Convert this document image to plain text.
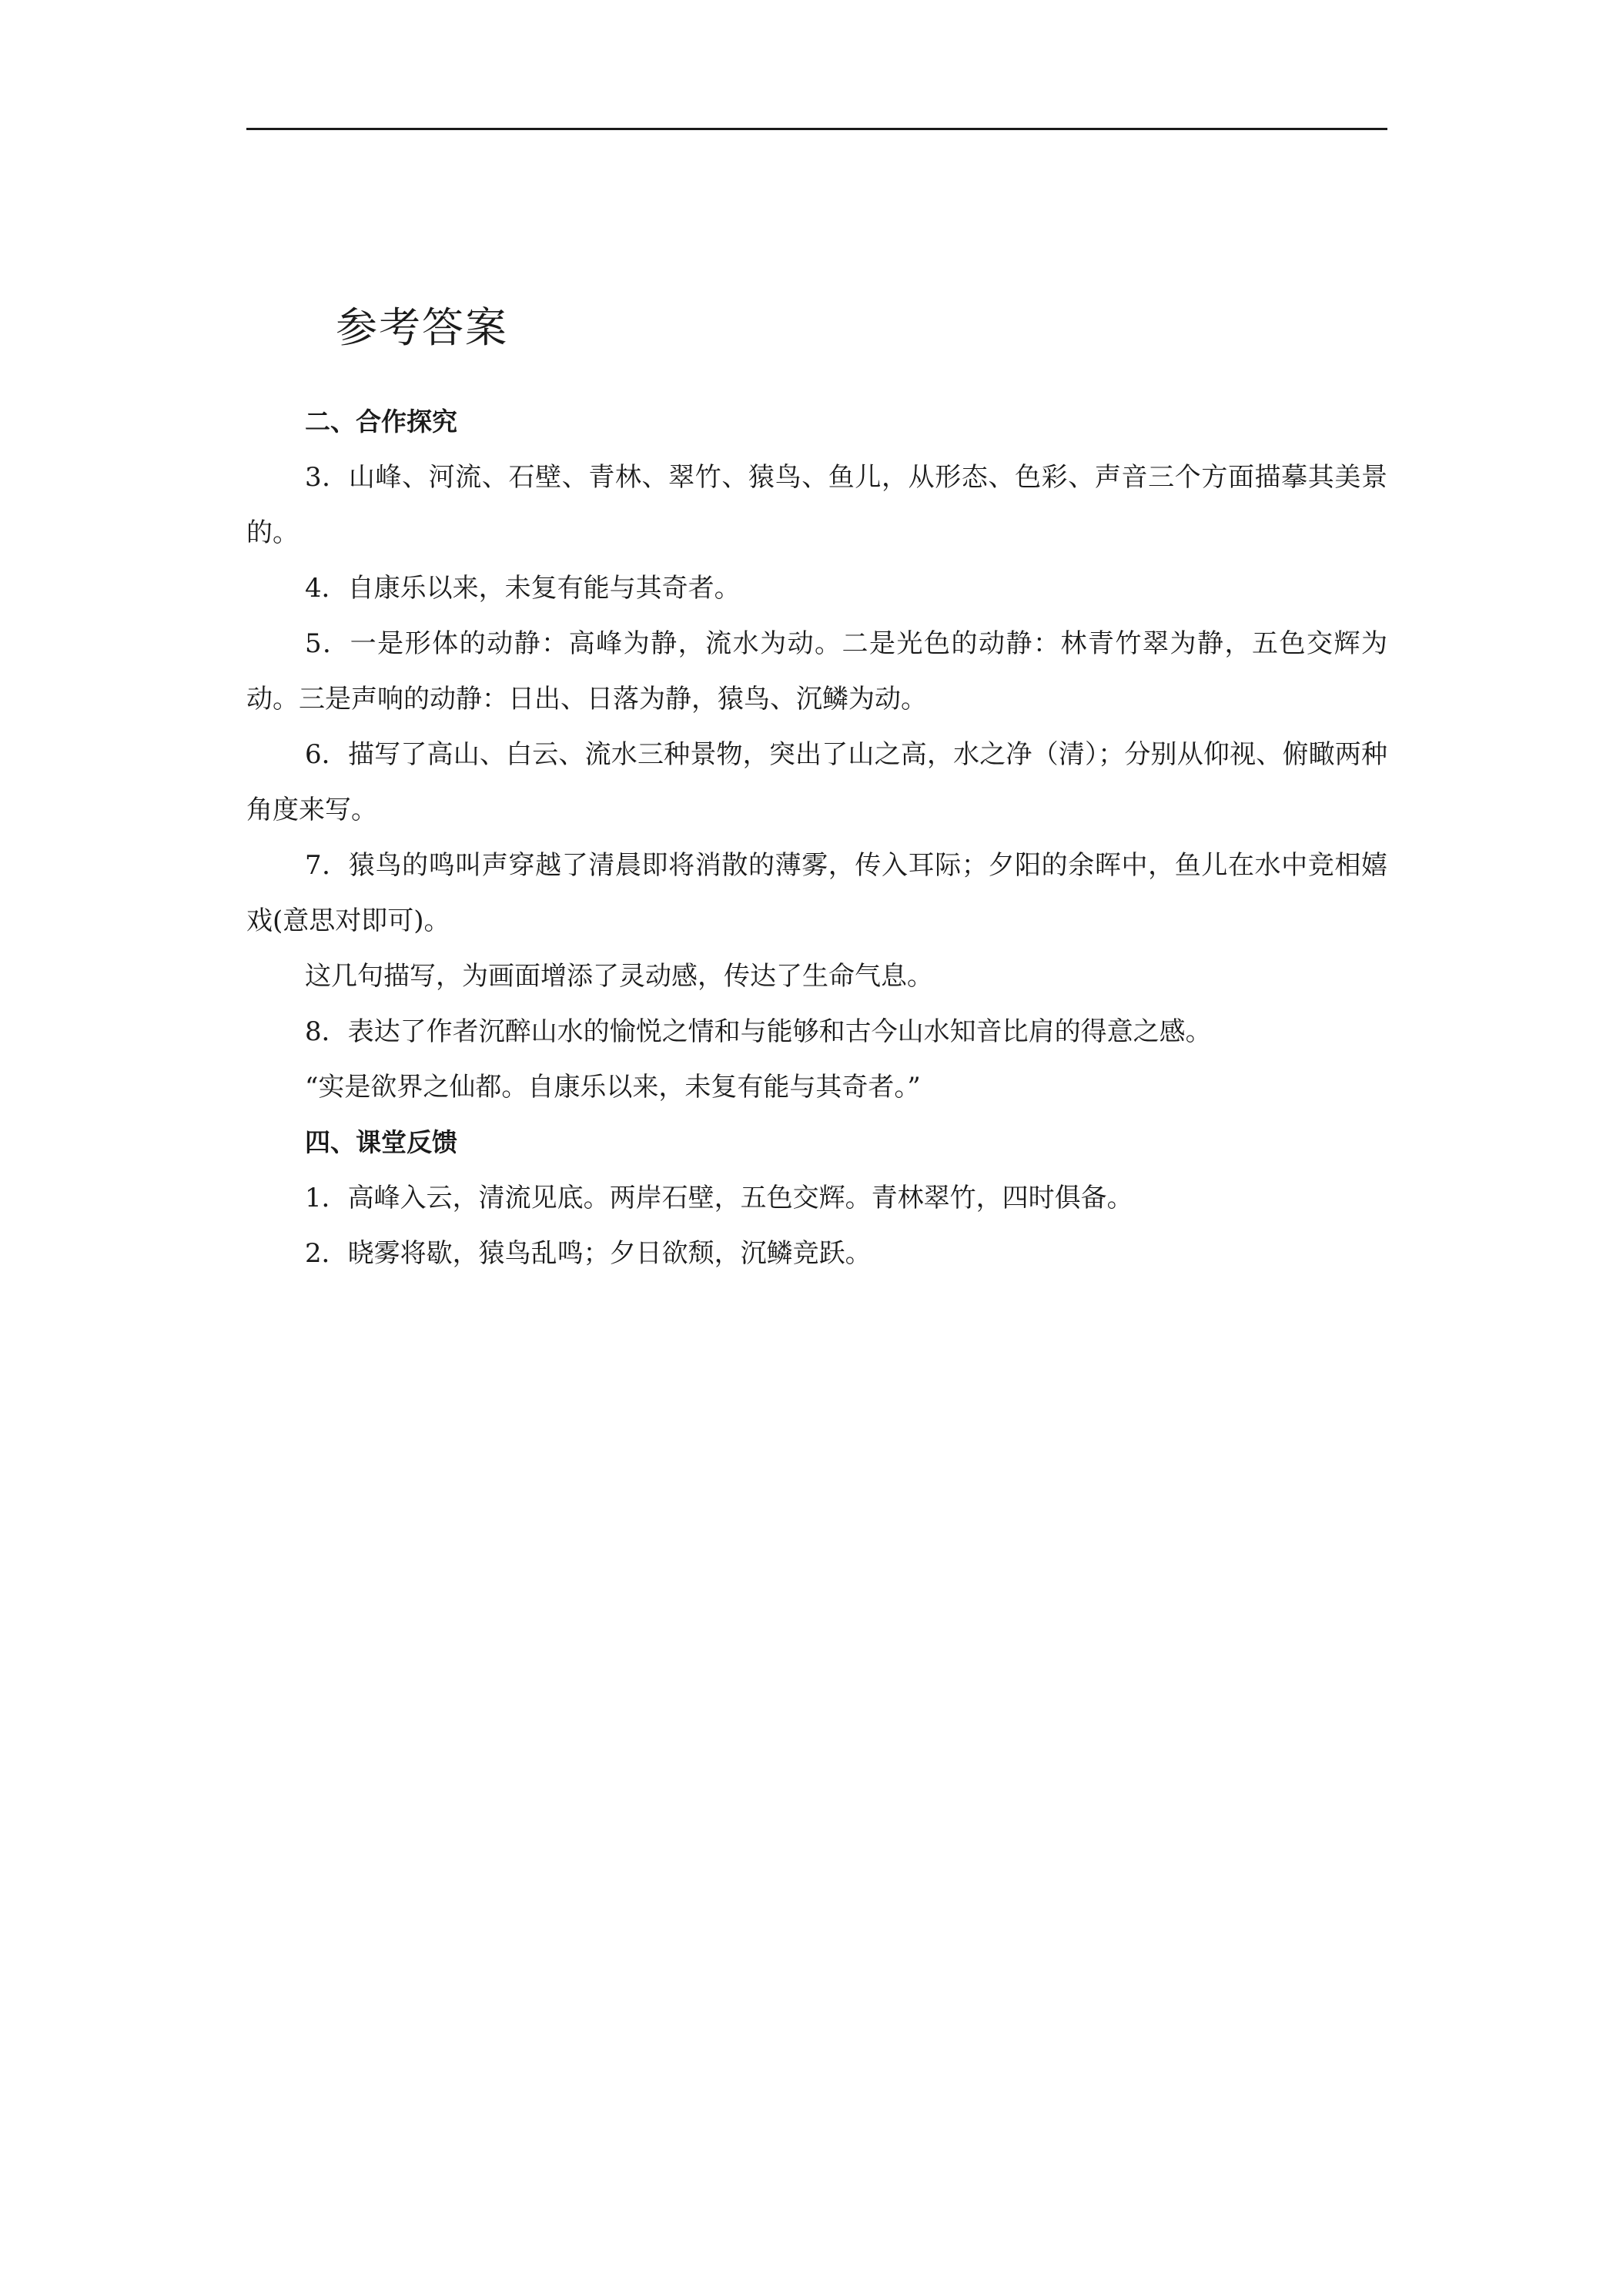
参考答案
二、合作探究

3．山峰、河流、石壁、青林、翠竹、猿鸟、鱼儿，从形态、色彩、声音三个方面描摹其美景的。

4．自康乐以来，未复有能与其奇者。

5．一是形体的动静：高峰为静，流水为动。二是光色的动静：林青竹翠为静，五色交辉为动。三是声响的动静：日出、日落为静，猿鸟、沉鳞为动。

6．描写了高山、白云、流水三种景物，突出了山之高，水之净（清）；分别从仰视、俯瞰两种角度来写。

7．猿鸟的鸣叫声穿越了清晨即将消散的薄雾，传入耳际；夕阳的余晖中，鱼儿在水中竞相嬉戏(意思对即可)。

这几句描写，为画面增添了灵动感，传达了生命气息。

8．表达了作者沉醉山水的愉悦之情和与能够和古今山水知音比肩的得意之感。

“实是欲界之仙都。自康乐以来，未复有能与其奇者。”

四、课堂反馈

1．高峰入云，清流见底。两岸石壁，五色交辉。青林翠竹，四时俱备。

2．晓雾将歇，猿鸟乱鸣；夕日欲颓，沉鳞竞跃。
